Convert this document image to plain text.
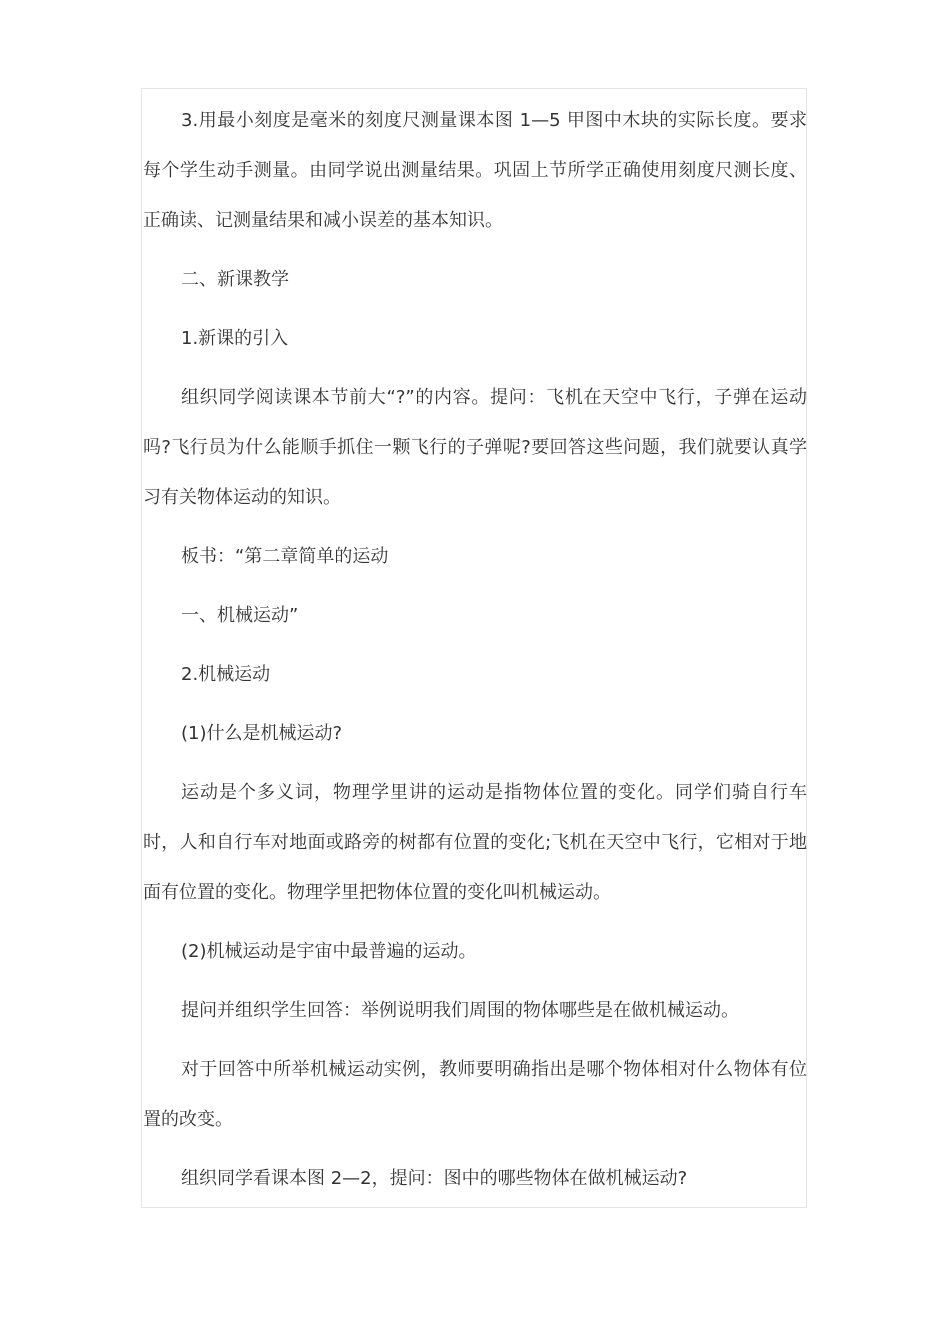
3.用最小刻度是毫米的刻度尺测量课本图 1—5 甲图中木块的实际长度。要求每个学生动手测量。由同学说出测量结果。巩固上节所学正确使用刻度尺测长度、正确读、记测量结果和减小误差的基本知识。

二、新课教学

1.新课的引入

组织同学阅读课本节前大“?”的内容。提问：飞机在天空中飞行，子弹在运动吗?飞行员为什么能顺手抓住一颗飞行的子弹呢?要回答这些问题，我们就要认真学习有关物体运动的知识。

板书：“第二章简单的运动

一、机械运动”

2.机械运动

(1)什么是机械运动?

运动是个多义词，物理学里讲的运动是指物体位置的变化。同学们骑自行车时，人和自行车对地面或路旁的树都有位置的变化;飞机在天空中飞行，它相对于地面有位置的变化。物理学里把物体位置的变化叫机械运动。

(2)机械运动是宇宙中最普遍的运动。

提问并组织学生回答：举例说明我们周围的物体哪些是在做机械运动。

对于回答中所举机械运动实例，教师要明确指出是哪个物体相对什么物体有位置的改变。

组织同学看课本图 2—2，提问：图中的哪些物体在做机械运动?
